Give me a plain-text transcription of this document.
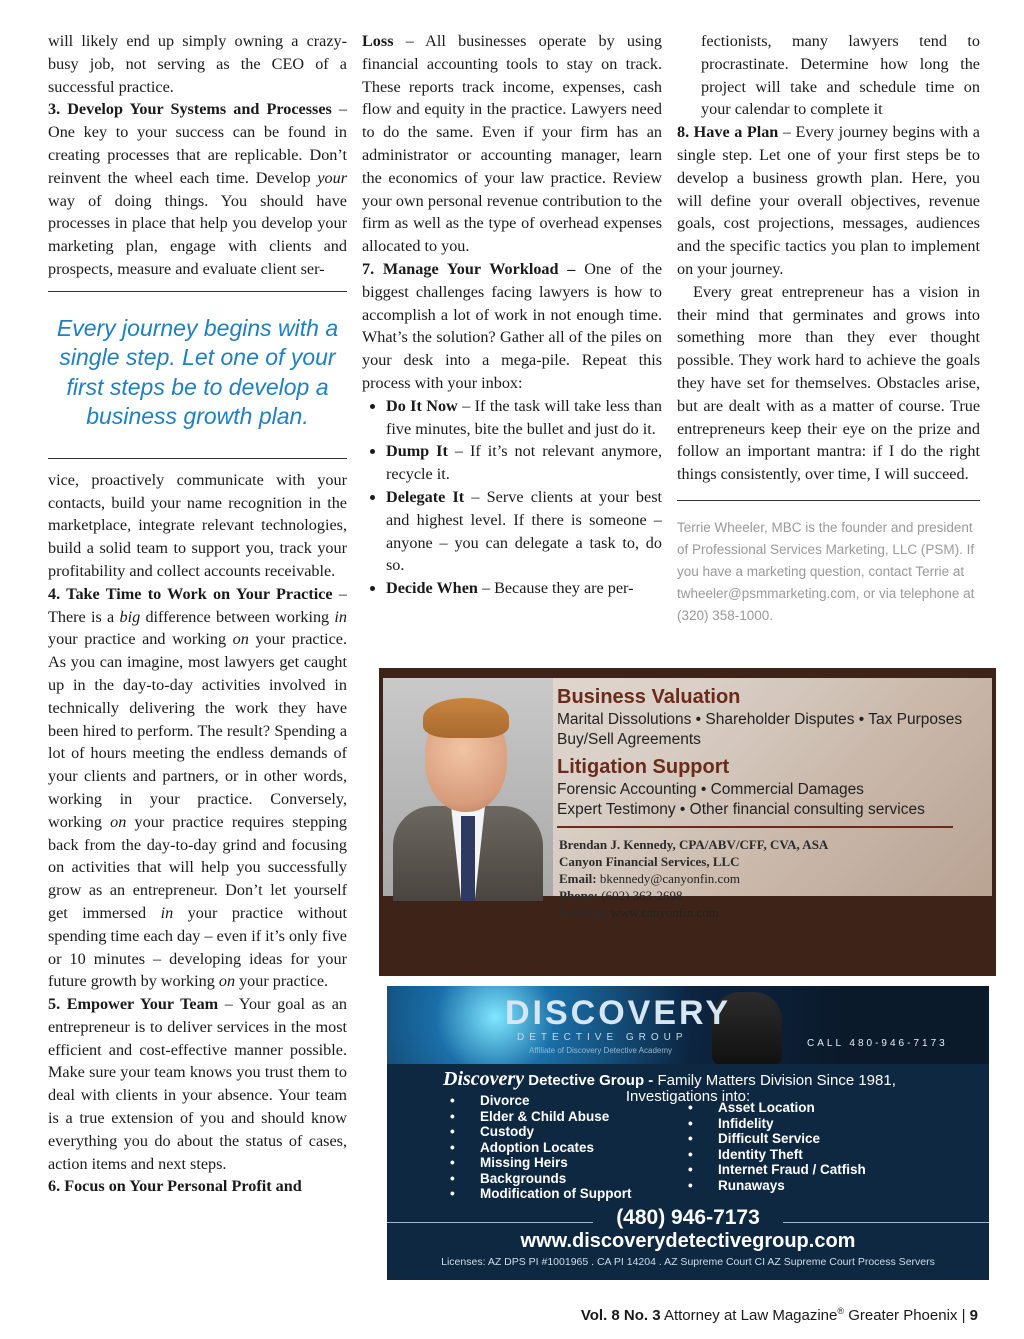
will likely end up simply owning a crazy-busy job, not serving as the CEO of a successful practice.

3. Develop Your Systems and Processes – One key to your success can be found in creating processes that are replicable. Don’t reinvent the wheel each time. Develop your way of doing things. You should have processes in place that help you develop your marketing plan, engage with clients and prospects, measure and evaluate client ser-

Every journey begins with a single step. Let one of your first steps be to develop a business growth plan.

vice, proactively communicate with your contacts, build your name recognition in the marketplace, integrate relevant technologies, build a solid team to support you, track your profitability and collect accounts receivable.

4. Take Time to Work on Your Practice – There is a big difference between working in your practice and working on your practice. As you can imagine, most lawyers get caught up in the day-to-day activities involved in technically delivering the work they have been hired to perform. The result? Spending a lot of hours meeting the endless demands of your clients and partners, or in other words, working in your practice. Conversely, working on your practice requires stepping back from the day-to-day grind and focusing on activities that will help you successfully grow as an entrepreneur. Don’t let yourself get immersed in your practice without spending time each day – even if it’s only five or 10 minutes – developing ideas for your future growth by working on your practice.

5. Empower Your Team – Your goal as an entrepreneur is to deliver services in the most efficient and cost-effective manner possible. Make sure your team knows you trust them to deal with clients in your absence. Your team is a true extension of you and should know everything you do about the status of cases, action items and next steps.

6. Focus on Your Personal Profit and

Loss – All businesses operate by using financial accounting tools to stay on track. These reports track income, expenses, cash flow and equity in the practice. Lawyers need to do the same. Even if your firm has an administrator or accounting manager, learn the economics of your law practice. Review your own personal revenue contribution to the firm as well as the type of overhead expenses allocated to you.

7. Manage Your Workload – One of the biggest challenges facing lawyers is how to accomplish a lot of work in not enough time. What’s the solution? Gather all of the piles on your desk into a mega-pile. Repeat this process with your inbox:

• Do It Now – If the task will take less than five minutes, bite the bullet and just do it.
• Dump It – If it’s not relevant anymore, recycle it.
• Delegate It – Serve clients at your best and highest level. If there is someone – anyone – you can delegate a task to, do so.
• Decide When – Because they are per-

fectionists, many lawyers tend to procrastinate. Determine how long the project will take and schedule time on your calendar to complete it

8. Have a Plan – Every journey begins with a single step. Let one of your first steps be to develop a business growth plan. Here, you will define your overall objectives, revenue goals, cost projections, messages, audiences and the specific tactics you plan to implement on your journey.

Every great entrepreneur has a vision in their mind that germinates and grows into something more than they ever thought possible. They work hard to achieve the goals they have set for themselves. Obstacles arise, but are dealt with as a matter of course. True entrepreneurs keep their eye on the prize and follow an important mantra: if I do the right things consistently, over time, I will succeed.

Terrie Wheeler, MBC is the founder and president of Professional Services Marketing, LLC (PSM). If you have a marketing question, contact Terrie at twheeler@psmmarketing.com, or via telephone at (320) 358-1000.
Business Valuation
Marital Dissolutions • Shareholder Disputes • Tax Purposes
Buy/Sell Agreements
Litigation Support
Forensic Accounting • Commercial Damages
Expert Testimony • Other financial consulting services
Brendan J. Kennedy, CPA/ABV/CFF, CVA, ASA
Canyon Financial Services, LLC
Email: bkennedy@canyonfin.com
Phone: (602) 363-2698
Website: www.canyonfin.com
DISCOVERY
DETECTIVE GROUP
Affiliate of Discovery Detective Academy
CALL 480-946-7173
Discovery Detective Group - Family Matters Division Since 1981,
Investigations into:
• Divorce
• Elder & Child Abuse
• Custody
• Adoption Locates
• Missing Heirs
• Backgrounds
• Modification of Support
• Asset Location
• Infidelity
• Difficult Service
• Identity Theft
• Internet Fraud / Catfish
• Runaways
(480) 946-7173
www.discoverydetectivegroup.com
Licenses: AZ DPS PI #1001965 . CA PI 14204 . AZ Supreme Court CI AZ Supreme Court Process Servers
Vol. 8 No. 3 Attorney at Law Magazine® Greater Phoenix | 9
